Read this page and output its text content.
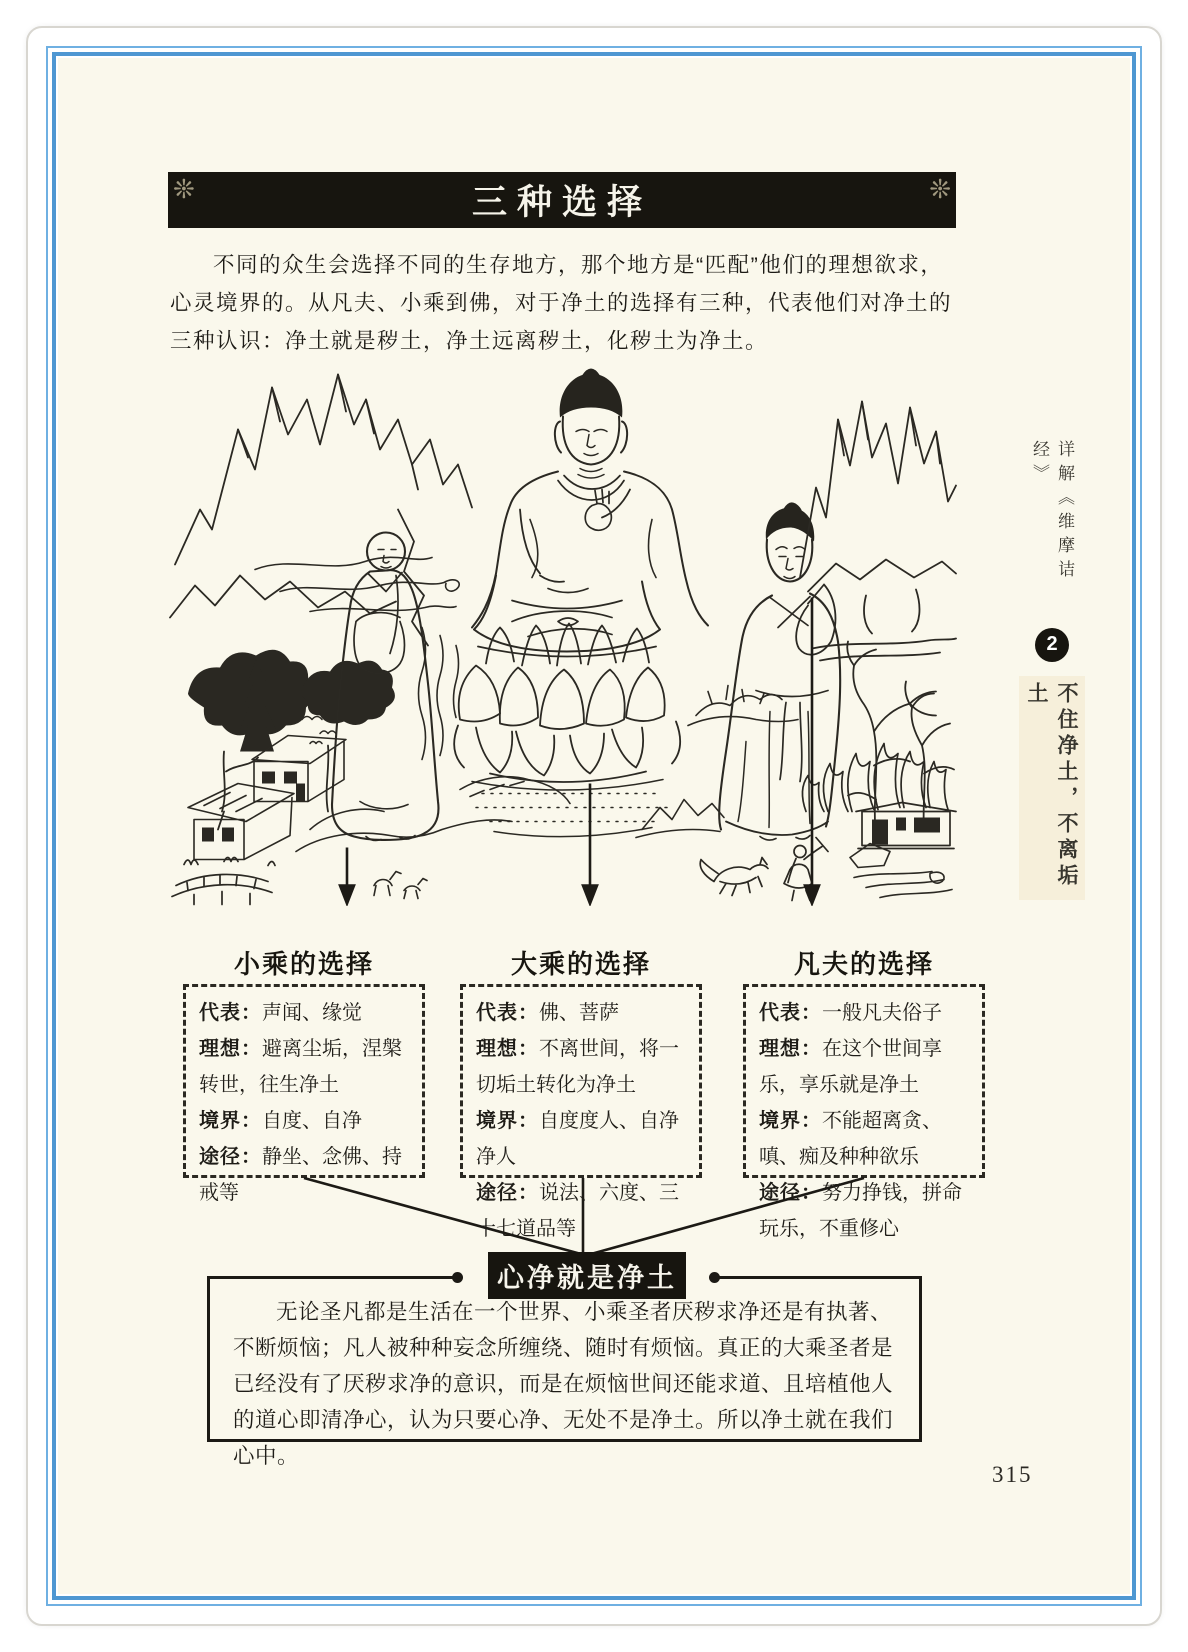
❊	三种选择	❊
不同的众生会选择不同的生存地方，那个地方是“匹配”他们的理想欲求，心灵境界的。从凡夫、小乘到佛，对于净土的选择有三种，代表他们对净土的三种认识：净土就是秽土，净土远离秽土，化秽土为净土。
详解《维摩诘经》
2
不住净土，不离垢土
小乘的选择	大乘的选择	凡夫的选择
代表：声闻、缘觉
理想：避离尘垢，涅槃转世，往生净土
境界：自度、自净
途径：静坐、念佛、持戒等
代表：佛、菩萨
理想：不离世间，将一切垢土转化为净土
境界：自度度人、自净净人
途径：说法、六度、三十七道品等
代表：一般凡夫俗子
理想：在这个世间享乐，享乐就是净土
境界：不能超离贪、嗔、痴及种种欲乐
途径：努力挣钱，拼命玩乐，不重修心
心净就是净土
无论圣凡都是生活在一个世界、小乘圣者厌秽求净还是有执著、不断烦恼；凡人被种种妄念所缠绕、随时有烦恼。真正的大乘圣者是已经没有了厌秽求净的意识，而是在烦恼世间还能求道、且培植他人的道心即清净心，认为只要心净、无处不是净土。所以净土就在我们心中。
315
